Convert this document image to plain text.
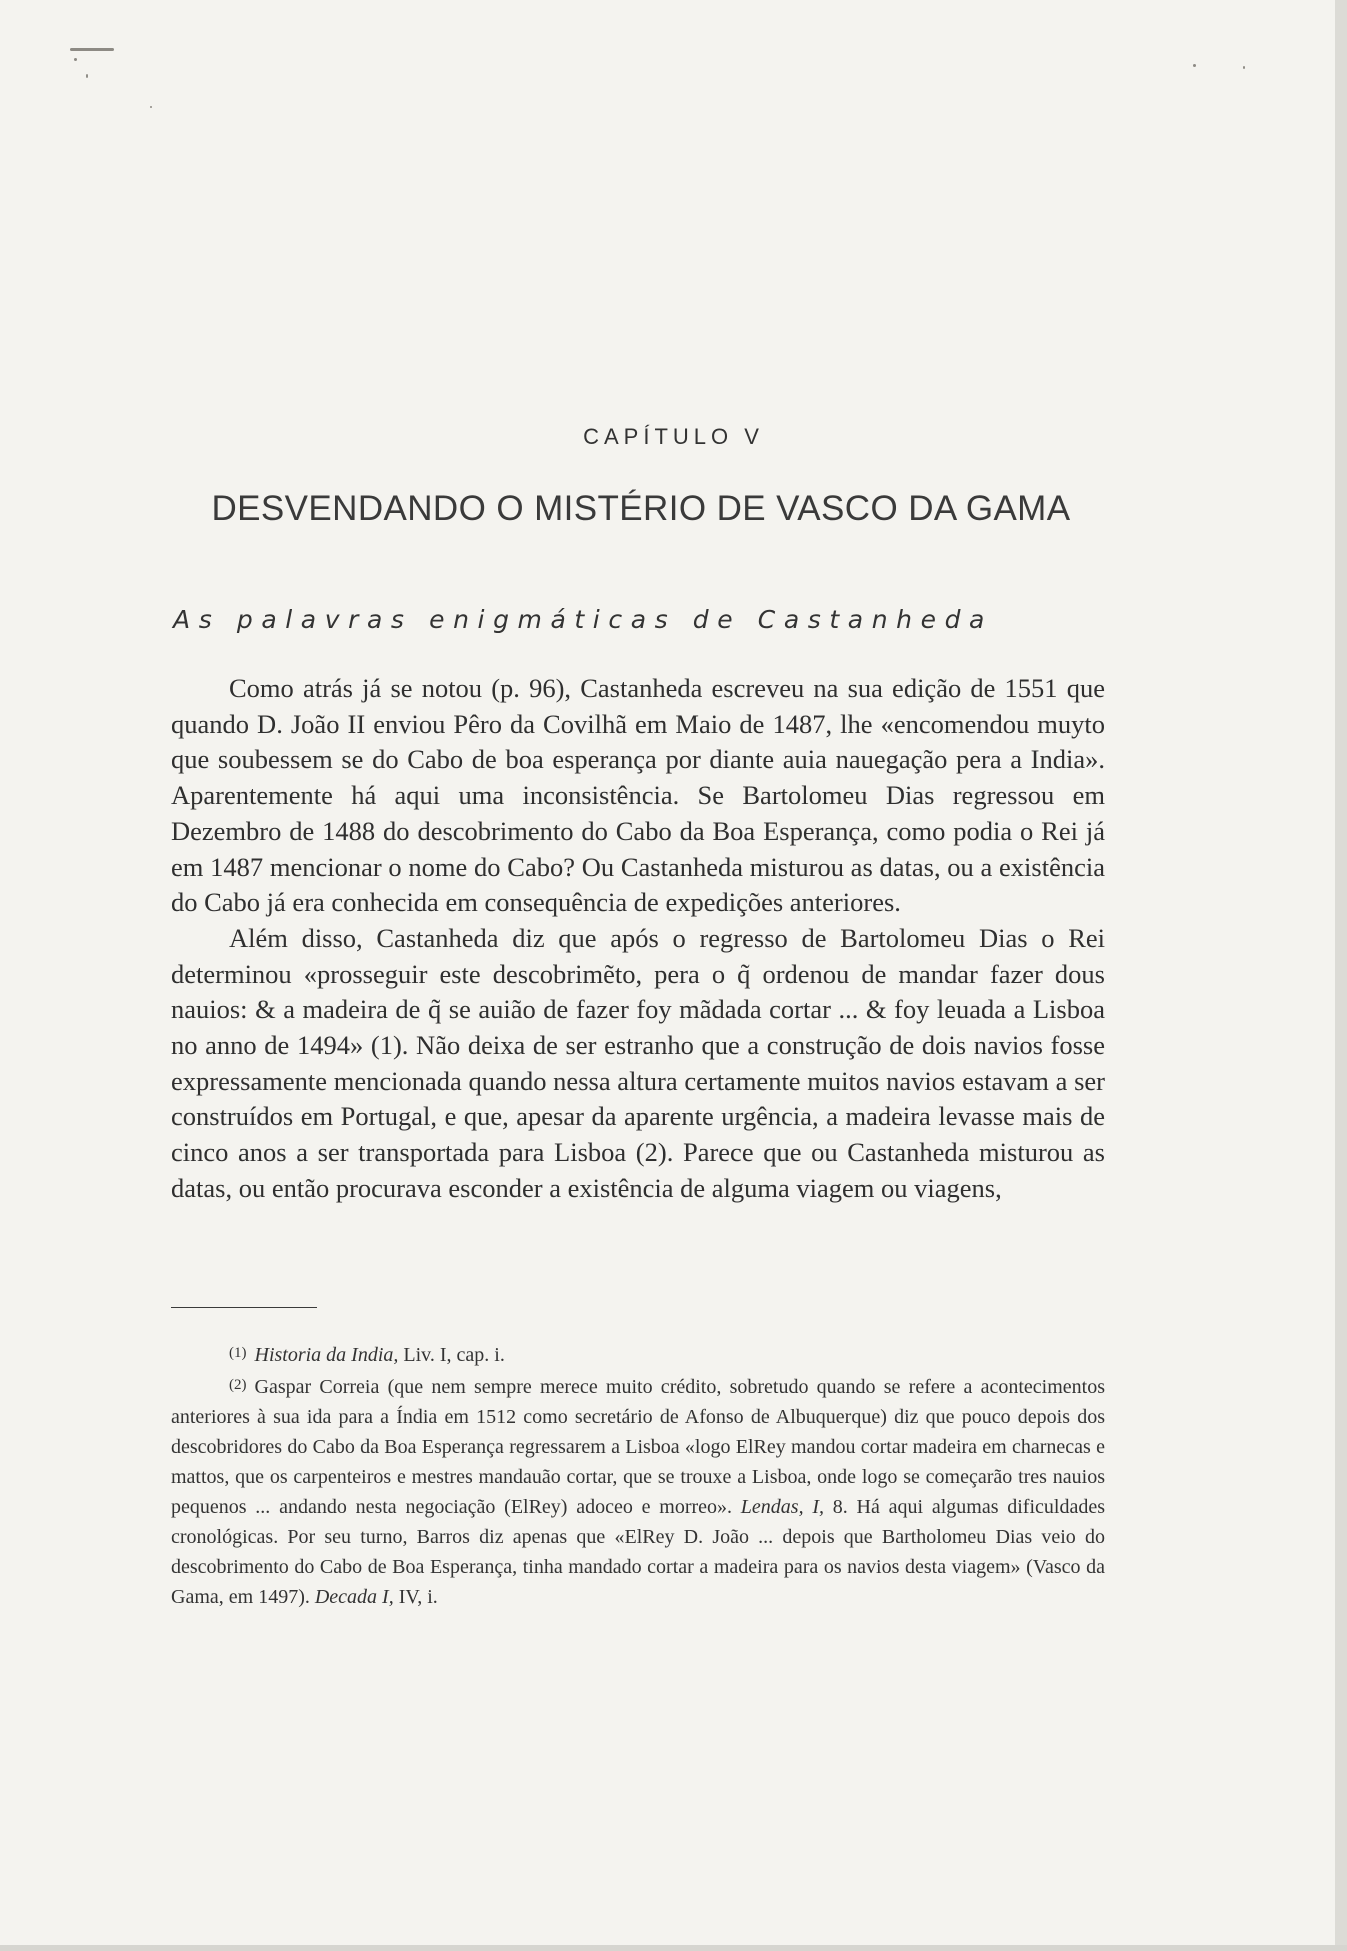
CAPÍTULO V
DESVENDANDO O MISTÉRIO DE VASCO DA GAMA
As palavras enigmáticas de Castanheda

Como atrás já se notou (p. 96), Castanheda escreveu na sua edição de 1551 que quando D. João II enviou Pêro da Covilhã em Maio de 1487, lhe «encomendou muyto que soubessem se do Cabo de boa esperança por diante auia nauegação pera a India». Aparentemente há aqui uma inconsistência. Se Bartolomeu Dias regressou em Dezembro de 1488 do descobrimento do Cabo da Boa Esperança, como podia o Rei já em 1487 mencionar o nome do Cabo? Ou Castanheda misturou as datas, ou a existência do Cabo já era conhecida em consequência de expedições anteriores.

Além disso, Castanheda diz que após o regresso de Bartolomeu Dias o Rei determinou «prosseguir este descobrimẽto, pera o q̃ ordenou de mandar fazer dous nauios: & a madeira de q̃ se auião de fazer foy mãdada cortar ... & foy leuada a Lisboa no anno de 1494» (1). Não deixa de ser estranho que a construção de dois navios fosse expressamente mencionada quando nessa altura certamente muitos navios estavam a ser construídos em Portugal, e que, apesar da aparente urgência, a madeira levasse mais de cinco anos a ser transportada para Lisboa (2). Parece que ou Castanheda misturou as datas, ou então procurava esconder a existência de alguma viagem ou viagens,

$^{(1)}$ Historia da India, Liv. I, cap. i.

$^{(2)}$ Gaspar Correia (que nem sempre merece muito crédito, sobretudo quando se refere a acontecimentos anteriores à sua ida para a Índia em 1512 como secretário de Afonso de Albuquerque) diz que pouco depois dos descobridores do Cabo da Boa Esperança regressarem a Lisboa «logo ElRey mandou cortar madeira em charnecas e mattos, que os carpenteiros e mestres mandauão cortar, que se trouxe a Lisboa, onde logo se começarão tres nauios pequenos ... andando nesta negociação (ElRey) adoceo e morreo». Lendas, I, 8. Há aqui algumas dificuldades cronológicas. Por seu turno, Barros diz apenas que «ElRey D. João ... depois que Bartholomeu Dias veio do descobrimento do Cabo de Boa Esperança, tinha mandado cortar a madeira para os navios desta viagem» (Vasco da Gama, em 1497). Decada I, IV, i.
